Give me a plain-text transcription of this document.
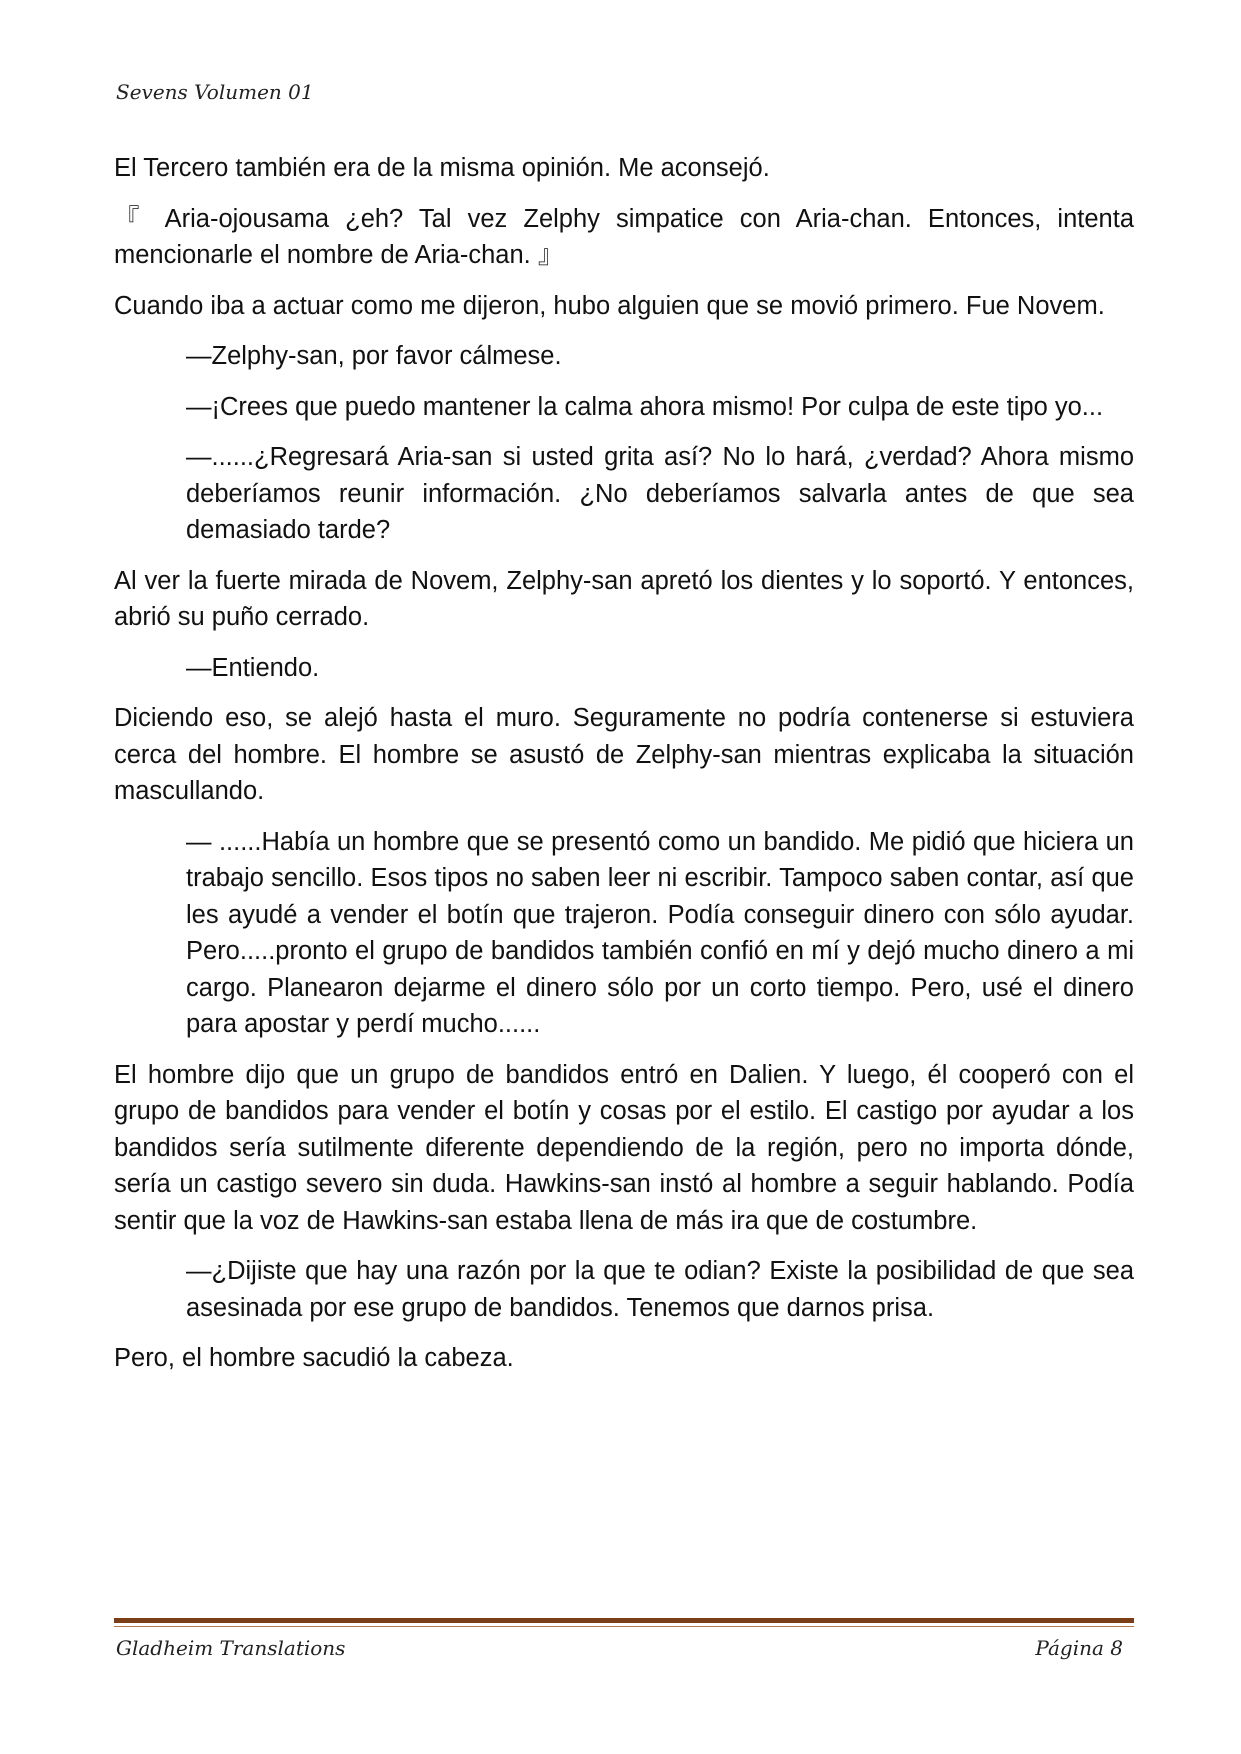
Sevens Volumen 01

El Tercero también era de la misma opinión. Me aconsejó.

『 Aria-ojousama ¿eh? Tal vez Zelphy simpatice con Aria-chan. Entonces, intenta mencionarle el nombre de Aria-chan. 』

Cuando iba a actuar como me dijeron, hubo alguien que se movió primero. Fue Novem.

—Zelphy-san, por favor cálmese.

—¡Crees que puedo mantener la calma ahora mismo! Por culpa de este tipo yo...

—......¿Regresará Aria-san si usted grita así? No lo hará, ¿verdad? Ahora mismo deberíamos reunir información. ¿No deberíamos salvarla antes de que sea demasiado tarde?

Al ver la fuerte mirada de Novem, Zelphy-san apretó los dientes y lo soportó. Y entonces, abrió su puño cerrado.

—Entiendo.

Diciendo eso, se alejó hasta el muro. Seguramente no podría contenerse si estuviera cerca del hombre. El hombre se asustó de Zelphy-san mientras explicaba la situación mascullando.

— ......Había un hombre que se presentó como un bandido. Me pidió que hiciera un trabajo sencillo. Esos tipos no saben leer ni escribir. Tampoco saben contar, así que les ayudé a vender el botín que trajeron. Podía conseguir dinero con sólo ayudar. Pero.....pronto el grupo de bandidos también confió en mí y dejó mucho dinero a mi cargo. Planearon dejarme el dinero sólo por un corto tiempo. Pero, usé el dinero para apostar y perdí mucho......

El hombre dijo que un grupo de bandidos entró en Dalien. Y luego, él cooperó con el grupo de bandidos para vender el botín y cosas por el estilo. El castigo por ayudar a los bandidos sería sutilmente diferente dependiendo de la región, pero no importa dónde, sería un castigo severo sin duda. Hawkins-san instó al hombre a seguir hablando. Podía sentir que la voz de Hawkins-san estaba llena de más ira que de costumbre.

—¿Dijiste que hay una razón por la que te odian? Existe la posibilidad de que sea asesinada por ese grupo de bandidos. Tenemos que darnos prisa.

Pero, el hombre sacudió la cabeza.

Gladheim Translations	Página 8
